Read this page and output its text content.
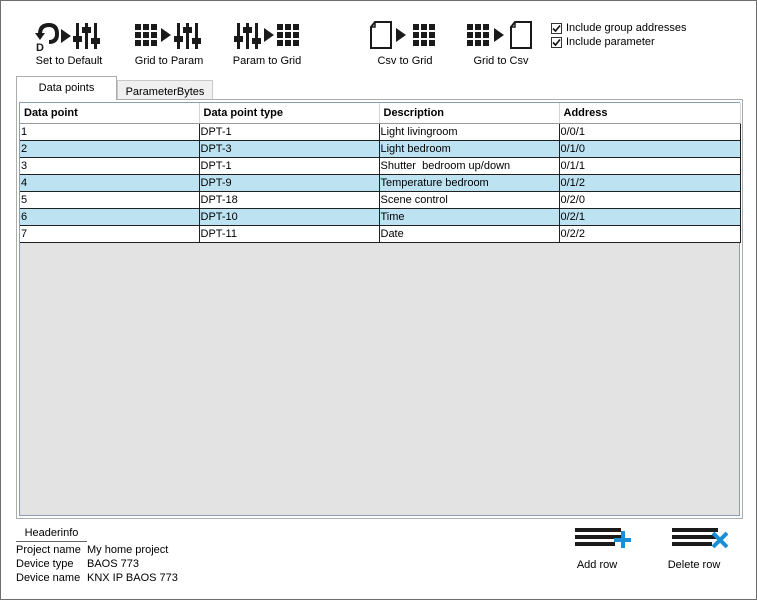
D
Set to Default	Grid to Param	Param to Grid	Csv to Grid	Grid to Csv
Include group addresses
Include parameter
Data points	ParameterBytes
Data point	Data point type	Description	Address
1	DPT-1	Light livingroom	0/0/1
2	DPT-3	Light bedroom	0/1/0
3	DPT-1	Shutter  bedroom up/down	0/1/1
4	DPT-9	Temperature bedroom	0/1/2
5	DPT-18	Scene control	0/2/0
6	DPT-10	Time	0/2/1
7	DPT-11	Date	0/2/2
Headerinfo
Project name My home project
Device type BAOS 773
Device name KNX IP BAOS 773
Add row	Delete row
